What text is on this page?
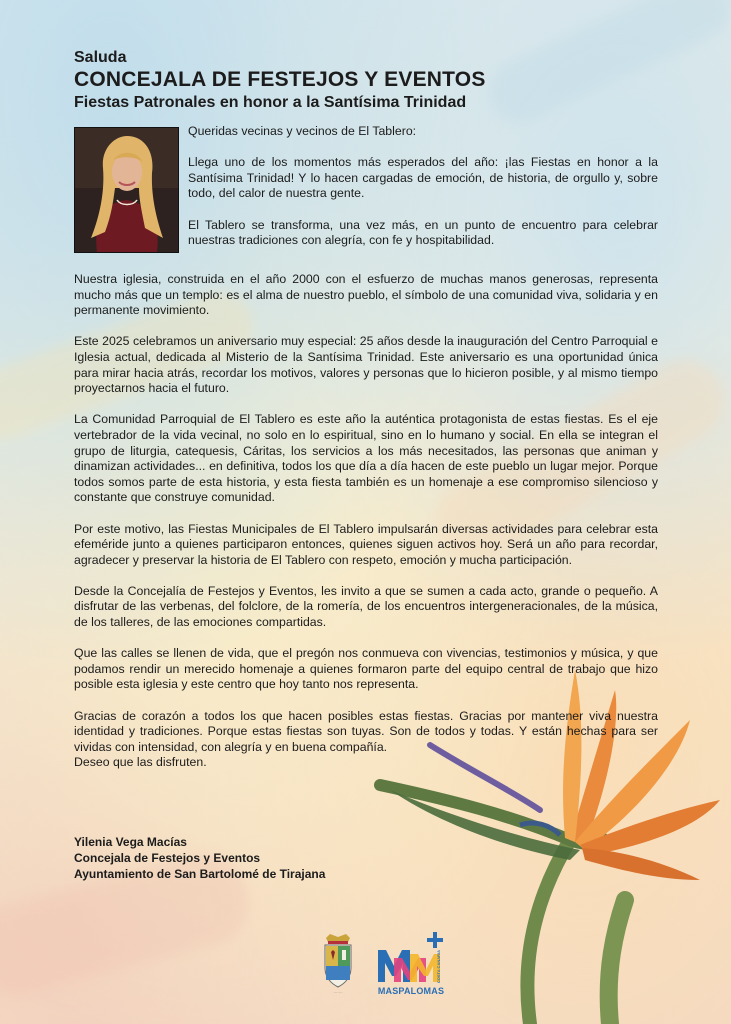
Saluda
CONCEJALA DE FESTEJOS Y EVENTOS
Fiestas Patronales en honor a la Santísima Trinidad

Queridas vecinas y vecinos de El Tablero:

Llega uno de los momentos más esperados del año: ¡las Fiestas en honor a la Santísima Trinidad! Y lo hacen cargadas de emoción, de historia, de orgullo y, sobre todo, del calor de nuestra gente.

El Tablero se transforma, una vez más, en un punto de encuentro para celebrar nuestras tradiciones con alegría, con fe y hospitabilidad.

Nuestra iglesia, construida en el año 2000 con el esfuerzo de muchas manos generosas, representa mucho más que un templo: es el alma de nuestro pueblo, el símbolo de una comunidad viva, solidaria y en permanente movimiento.

Este 2025 celebramos un aniversario muy especial: 25 años desde la inauguración del Centro Parroquial e Iglesia actual, dedicada al Misterio de la Santísima Trinidad. Este aniversario es una oportunidad única para mirar hacia atrás, recordar los motivos, valores y personas que lo hicieron posible, y al mismo tiempo proyectarnos hacia el futuro.

La Comunidad Parroquial de El Tablero es este año la auténtica protagonista de estas fiestas. Es el eje vertebrador de la vida vecinal, no solo en lo espiritual, sino en lo humano y social. En ella se integran el grupo de liturgia, catequesis, Cáritas, los servicios a los más necesitados, las personas que animan y dinamizan actividades... en definitiva, todos los que día a día hacen de este pueblo un lugar mejor. Porque todos somos parte de esta historia, y esta fiesta también es un homenaje a ese compromiso silencioso y constante que construye comunidad.

Por este motivo, las Fiestas Municipales de El Tablero impulsarán diversas actividades para celebrar esta efeméride junto a quienes participaron entonces, quienes siguen activos hoy. Será un año para recordar, agradecer y preservar la historia de El Tablero con respeto, emoción y mucha participación.

Desde la Concejalía de Festejos y Eventos, les invito a que se sumen a cada acto, grande o pequeño. A disfrutar de las verbenas, del folclore, de la romería, de los encuentros intergeneracionales, de la música, de los talleres, de las emociones compartidas.

Que las calles se llenen de vida, que el pregón nos conmueva con vivencias, testimonios y música, y que podamos rendir un merecido homenaje a quienes formaron parte del equipo central de trabajo que hizo posible esta iglesia y este centro que hoy tanto nos representa.

Gracias de corazón a todos los que hacen posibles estas fiestas. Gracias por mantener viva nuestra identidad y tradiciones. Porque estas fiestas son tuyas. Son de todos y todas. Y están hechas para ser vividas con intensidad, con alegría y en buena compañía.

Deseo que las disfruten.

Yilenia Vega Macías
Concejala de Festejos y Eventos
Ayuntamiento de San Bartolomé de Tirajana
·······	MASPALOMAS
COSTA CANARIA
